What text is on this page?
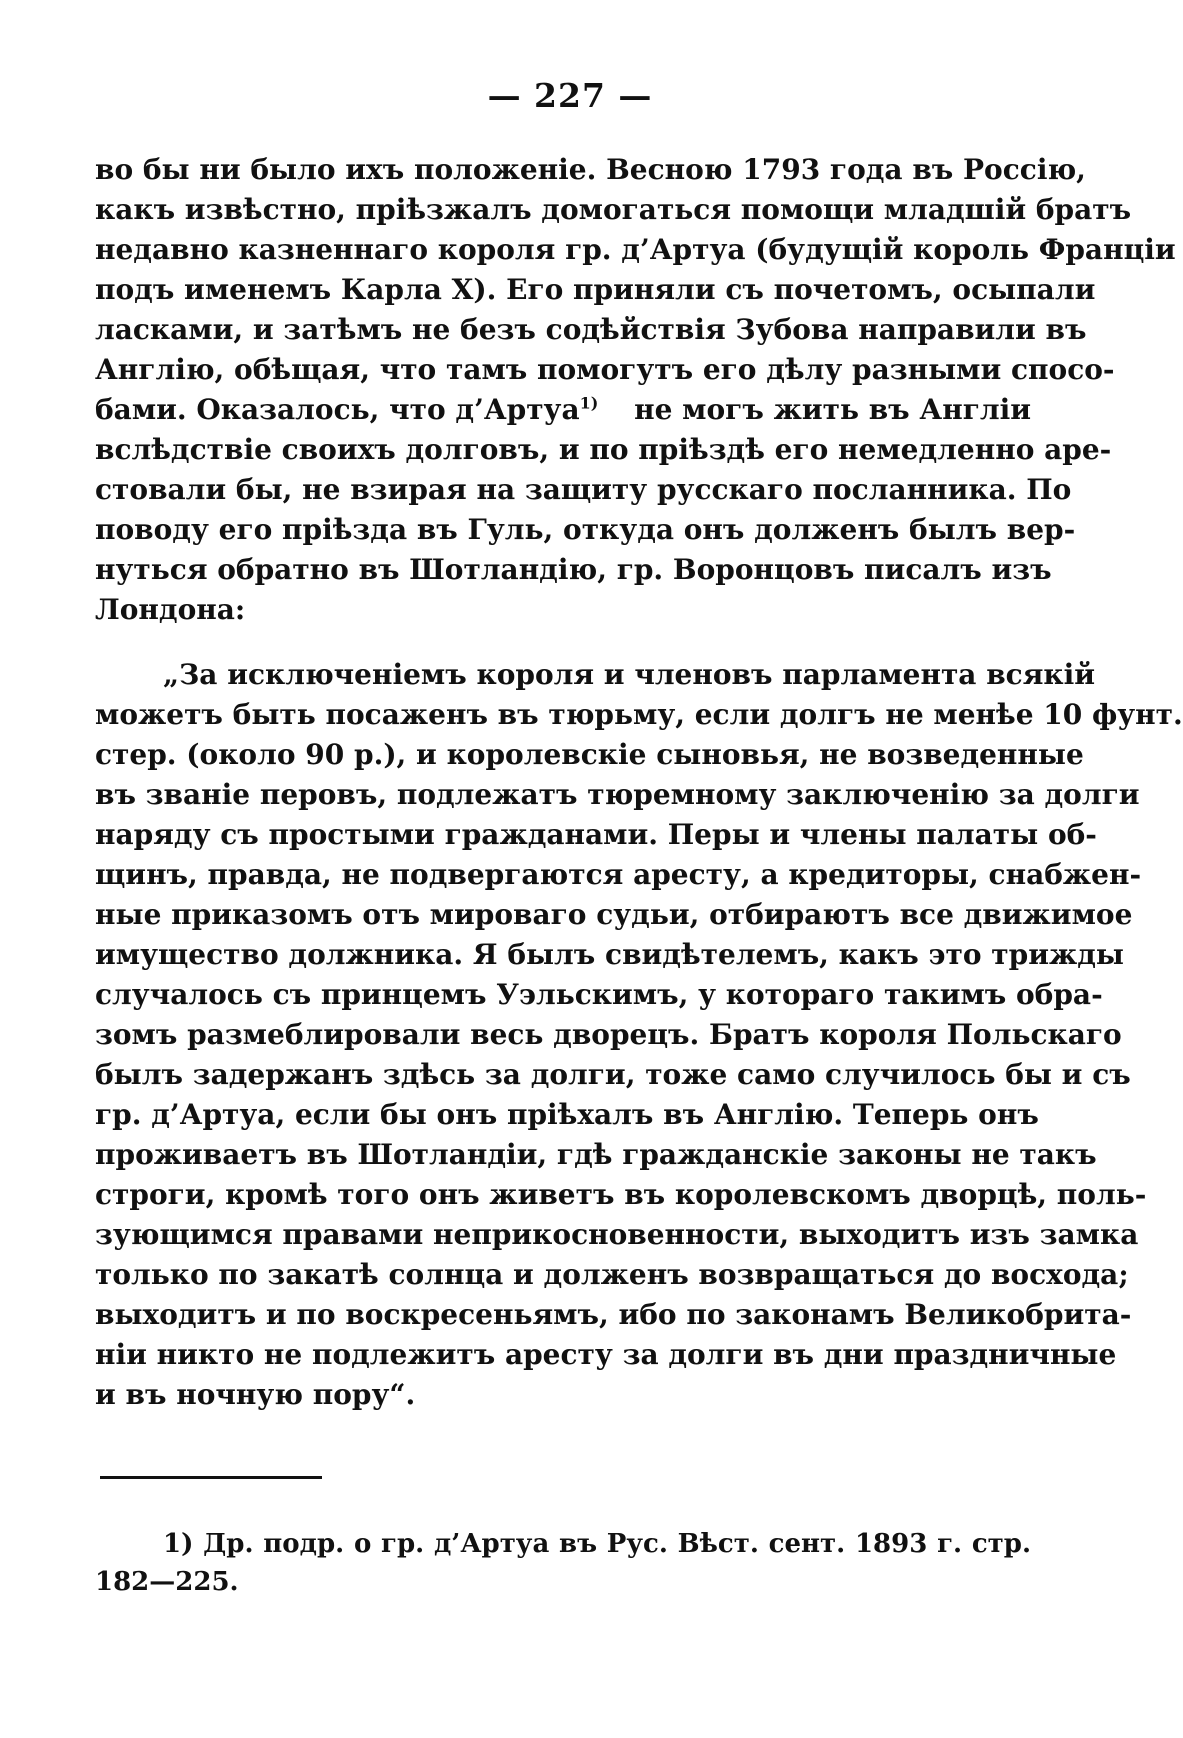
— 227 —
во бы ни было ихъ положеніе. Весною 1793 года въ Россію,
какъ извѣстно, пріѣзжалъ домогаться помощи младшій братъ
недавно казненнаго короля гр. д’Артуа (будущій король Франціи
подъ именемъ Карла X). Его приняли съ почетомъ, осыпали
ласками, и затѣмъ не безъ содѣйствія Зубова направили въ
Англію, обѣщая, что тамъ помогутъ его дѣлу разными спосо-
бами. Оказалось, что д’Артуа$^{1)}$ не могъ жить въ Англіи
вслѣдствіе своихъ долговъ, и по пріѣздѣ его немедленно аре-
стовали бы, не взирая на защиту русскаго посланника. По
поводу его пріѣзда въ Гуль, откуда онъ долженъ былъ вер-
нуться обратно въ Шотландію, гр. Воронцовъ писалъ изъ
Лондона:
„За исключеніемъ короля и членовъ парламента всякій
можетъ быть посаженъ въ тюрьму, если долгъ не менѣе 10 фунт.
стер. (около 90 р.), и королевскіе сыновья, не возведенные
въ званіе перовъ, подлежатъ тюремному заключенію за долги
наряду съ простыми гражданами. Перы и члены палаты об-
щинъ, правда, не подвергаются аресту, а кредиторы, снабжен-
ные приказомъ отъ мироваго судьи, отбираютъ все движимое
имущество должника. Я былъ свидѣтелемъ, какъ это трижды
случалось съ принцемъ Уэльскимъ, у котораго такимъ обра-
зомъ размеблировали весь дворецъ. Братъ короля Польскаго
былъ задержанъ здѣсь за долги, тоже само случилось бы и съ
гр. д’Артуа, если бы онъ пріѣхалъ въ Англію. Теперь онъ
проживаетъ въ Шотландіи, гдѣ гражданскіе законы не такъ
строги, кромѣ того онъ живетъ въ королевскомъ дворцѣ, поль-
зующимся правами неприкосновенности, выходитъ изъ замка
только по закатѣ солнца и долженъ возвращаться до восхода;
выходитъ и по воскресеньямъ, ибо по законамъ Великобрита-
ніи никто не подлежитъ аресту за долги въ дни праздничные
и въ ночную пору“.
1) Др. подр. о гр. д’Артуа въ Рус. Вѣст. сент. 1893 г. стр.
182—225.
